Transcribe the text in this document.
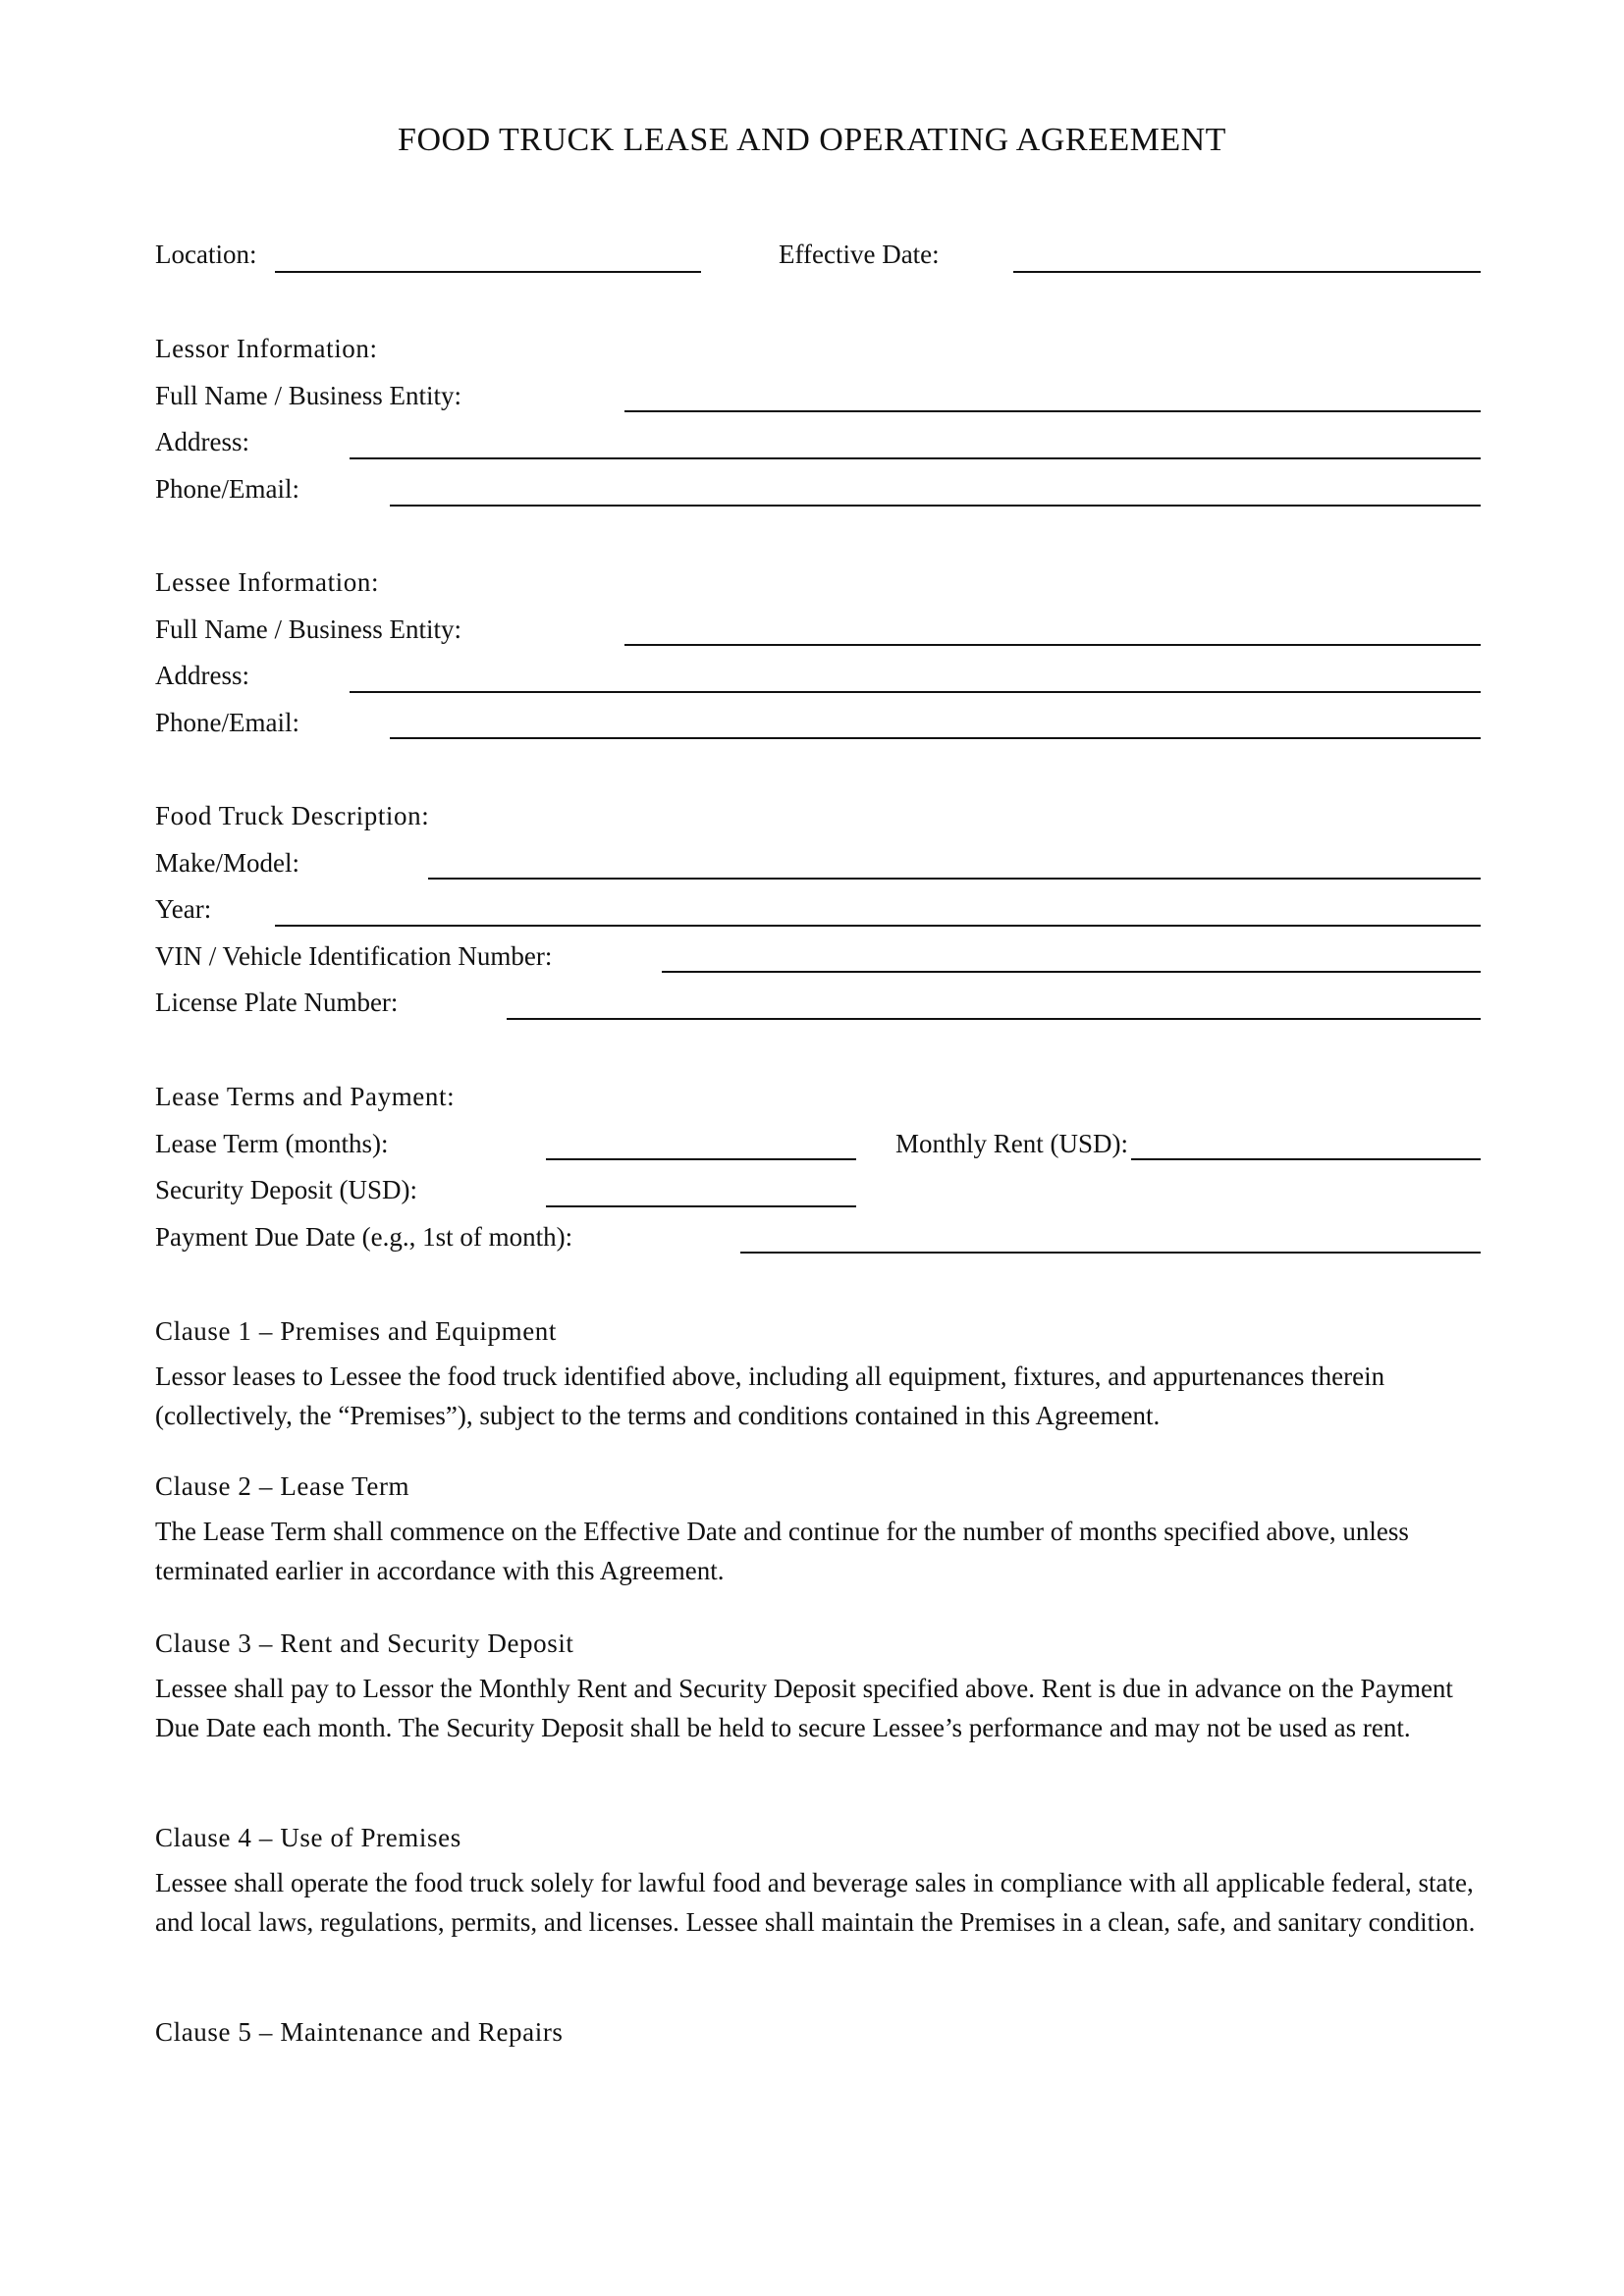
FOOD TRUCK LEASE AND OPERATING AGREEMENT
Location:	Effective Date:
Lessor Information:
Full Name / Business Entity:
Address:
Phone/Email:
Lessee Information:
Full Name / Business Entity:
Address:
Phone/Email:
Food Truck Description:
Make/Model:
Year:
VIN / Vehicle Identification Number:
License Plate Number:
Lease Terms and Payment:
Lease Term (months):	Monthly Rent (USD):
Security Deposit (USD):
Payment Due Date (e.g., 1st of month):
Clause 1 – Premises and Equipment

Lessor leases to Lessee the food truck identified above, including all equipment, fixtures, and appurtenances therein (collectively, the “Premises”), subject to the terms and conditions contained in this Agreement.

Clause 2 – Lease Term

The Lease Term shall commence on the Effective Date and continue for the number of months specified above, unless terminated earlier in accordance with this Agreement.

Clause 3 – Rent and Security Deposit

Lessee shall pay to Lessor the Monthly Rent and Security Deposit specified above. Rent is due in advance on the Payment Due Date each month. The Security Deposit shall be held to secure Lessee’s performance and may not be used as rent.

Clause 4 – Use of Premises

Lessee shall operate the food truck solely for lawful food and beverage sales in compliance with all applicable federal, state, and local laws, regulations, permits, and licenses. Lessee shall maintain the Premises in a clean, safe, and sanitary condition.

Clause 5 – Maintenance and Repairs
